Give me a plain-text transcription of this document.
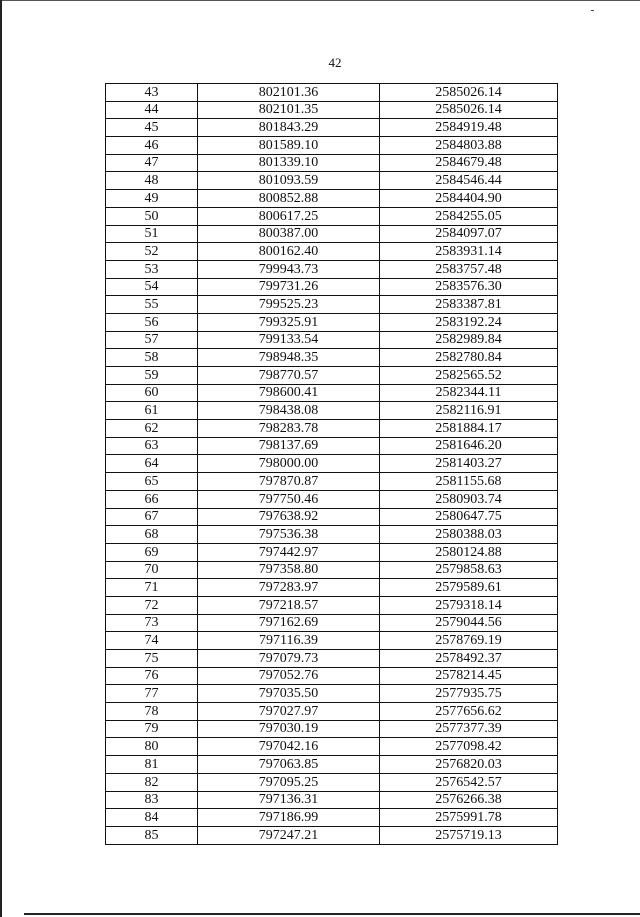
42
43	802101.36	2585026.14
44	802101.35	2585026.14
45	801843.29	2584919.48
46	801589.10	2584803.88
47	801339.10	2584679.48
48	801093.59	2584546.44
49	800852.88	2584404.90
50	800617.25	2584255.05
51	800387.00	2584097.07
52	800162.40	2583931.14
53	799943.73	2583757.48
54	799731.26	2583576.30
55	799525.23	2583387.81
56	799325.91	2583192.24
57	799133.54	2582989.84
58	798948.35	2582780.84
59	798770.57	2582565.52
60	798600.41	2582344.11
61	798438.08	2582116.91
62	798283.78	2581884.17
63	798137.69	2581646.20
64	798000.00	2581403.27
65	797870.87	2581155.68
66	797750.46	2580903.74
67	797638.92	2580647.75
68	797536.38	2580388.03
69	797442.97	2580124.88
70	797358.80	2579858.63
71	797283.97	2579589.61
72	797218.57	2579318.14
73	797162.69	2579044.56
74	797116.39	2578769.19
75	797079.73	2578492.37
76	797052.76	2578214.45
77	797035.50	2577935.75
78	797027.97	2577656.62
79	797030.19	2577377.39
80	797042.16	2577098.42
81	797063.85	2576820.03
82	797095.25	2576542.57
83	797136.31	2576266.38
84	797186.99	2575991.78
85	797247.21	2575719.13
